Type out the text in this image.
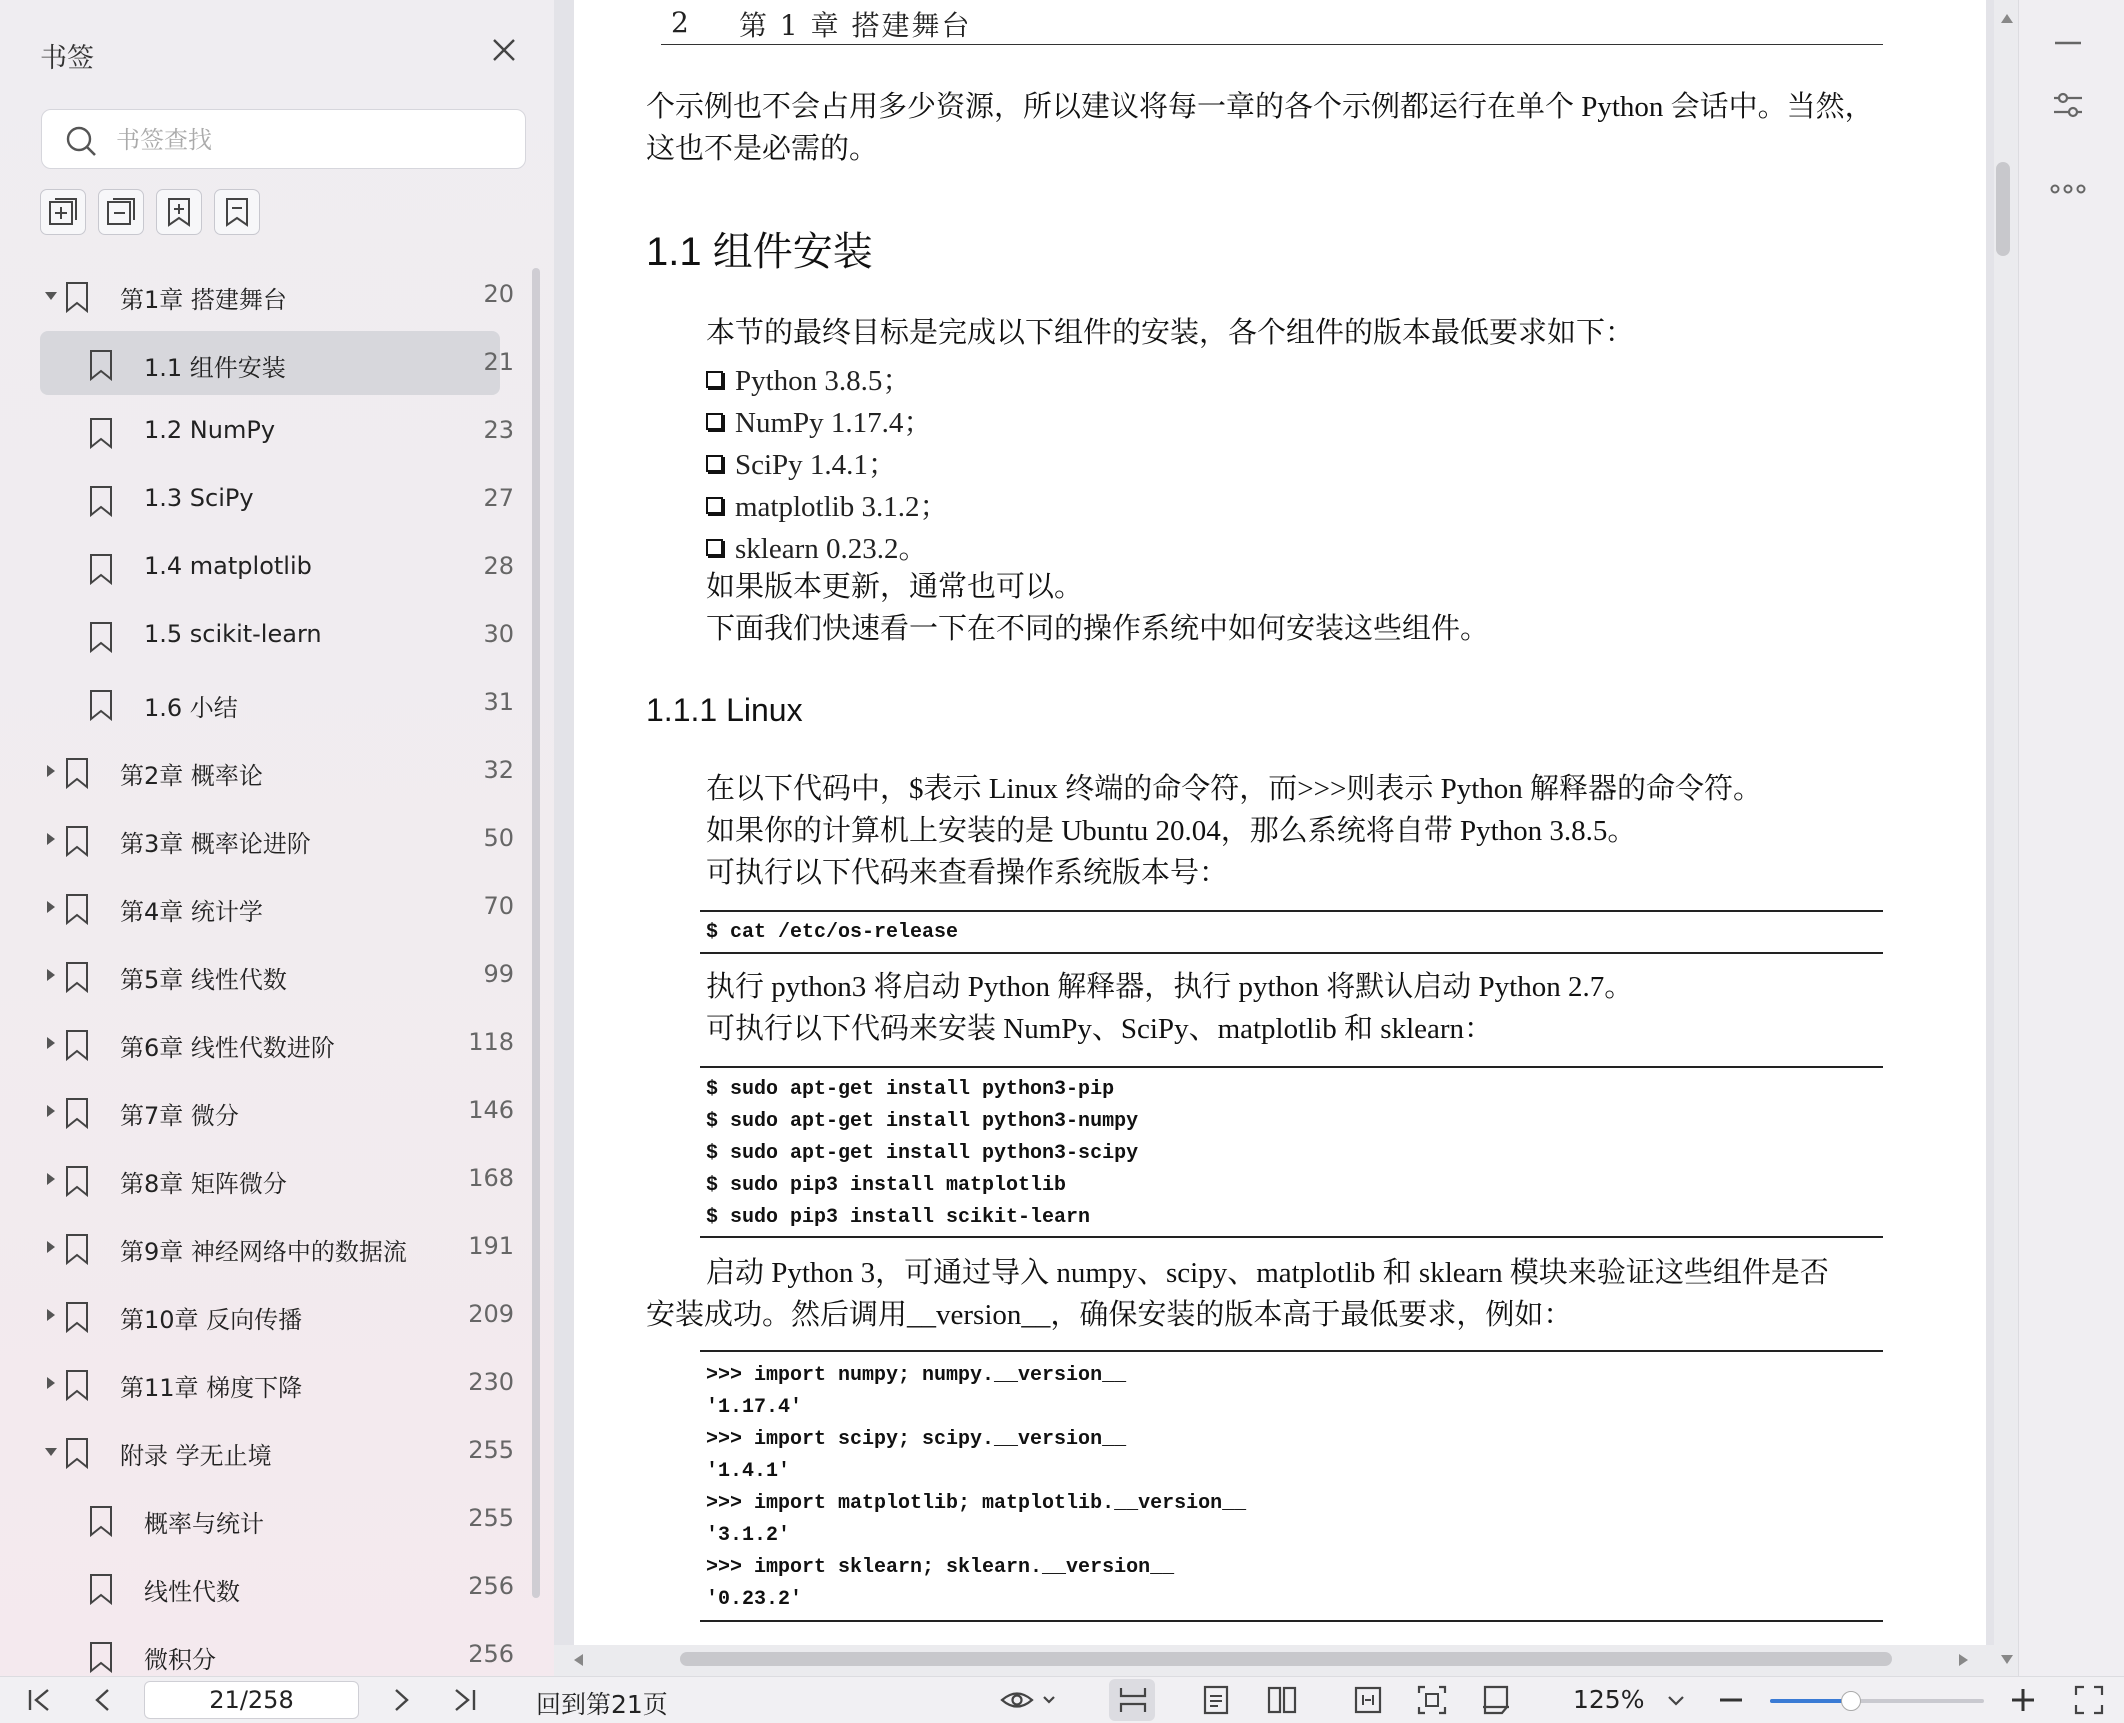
书签
书签查找
第1章 搭建舞台	20
1.1 组件安装	21
1.2 NumPy	23
1.3 SciPy	27
1.4 matplotlib	28
1.5 scikit-learn	30
1.6 小结	31
第2章 概率论	32
第3章 概率论进阶	50
第4章 统计学	70
第5章 线性代数	99
第6章 线性代数进阶	118
第7章 微分	146
第8章 矩阵微分	168
第9章 神经网络中的数据流	191
第10章 反向传播	209
第11章 梯度下降	230
附录 学无止境	255
概率与统计	255
线性代数	256
微积分	256
2 第 1 章 搭建舞台
个示例也不会占用多少资源，所以建议将每一章的各个示例都运行在单个 Python 会话中。当然，
这也不是必需的。
1.1 组件安装
本节的最终目标是完成以下组件的安装，各个组件的版本最低要求如下：
Python 3.8.5；
NumPy 1.17.4；
SciPy 1.4.1；
matplotlib 3.1.2；
sklearn 0.23.2。
如果版本更新，通常也可以。
下面我们快速看一下在不同的操作系统中如何安装这些组件。
1.1.1 Linux
在以下代码中，$表示 Linux 终端的命令符，而>>>则表示 Python 解释器的命令符。
如果你的计算机上安装的是 Ubuntu 20.04，那么系统将自带 Python 3.8.5。
可执行以下代码来查看操作系统版本号：
$ cat /etc/os-release
执行 python3 将启动 Python 解释器，执行 python 将默认启动 Python 2.7。
可执行以下代码来安装 NumPy、SciPy、matplotlib 和 sklearn：
$ sudo apt-get install python3-pip
$ sudo apt-get install python3-numpy
$ sudo apt-get install python3-scipy
$ sudo pip3 install matplotlib
$ sudo pip3 install scikit-learn
启动 Python 3，可通过导入 numpy、scipy、matplotlib 和 sklearn 模块来验证这些组件是否
安装成功。然后调用__version__，确保安装的版本高于最低要求，例如：
>>> import numpy; numpy.__version__
'1.17.4'
>>> import scipy; scipy.__version__
'1.4.1'
>>> import matplotlib; matplotlib.__version__
'3.1.2'
>>> import sklearn; sklearn.__version__
'0.23.2'
21/258	回到第21页	125%
